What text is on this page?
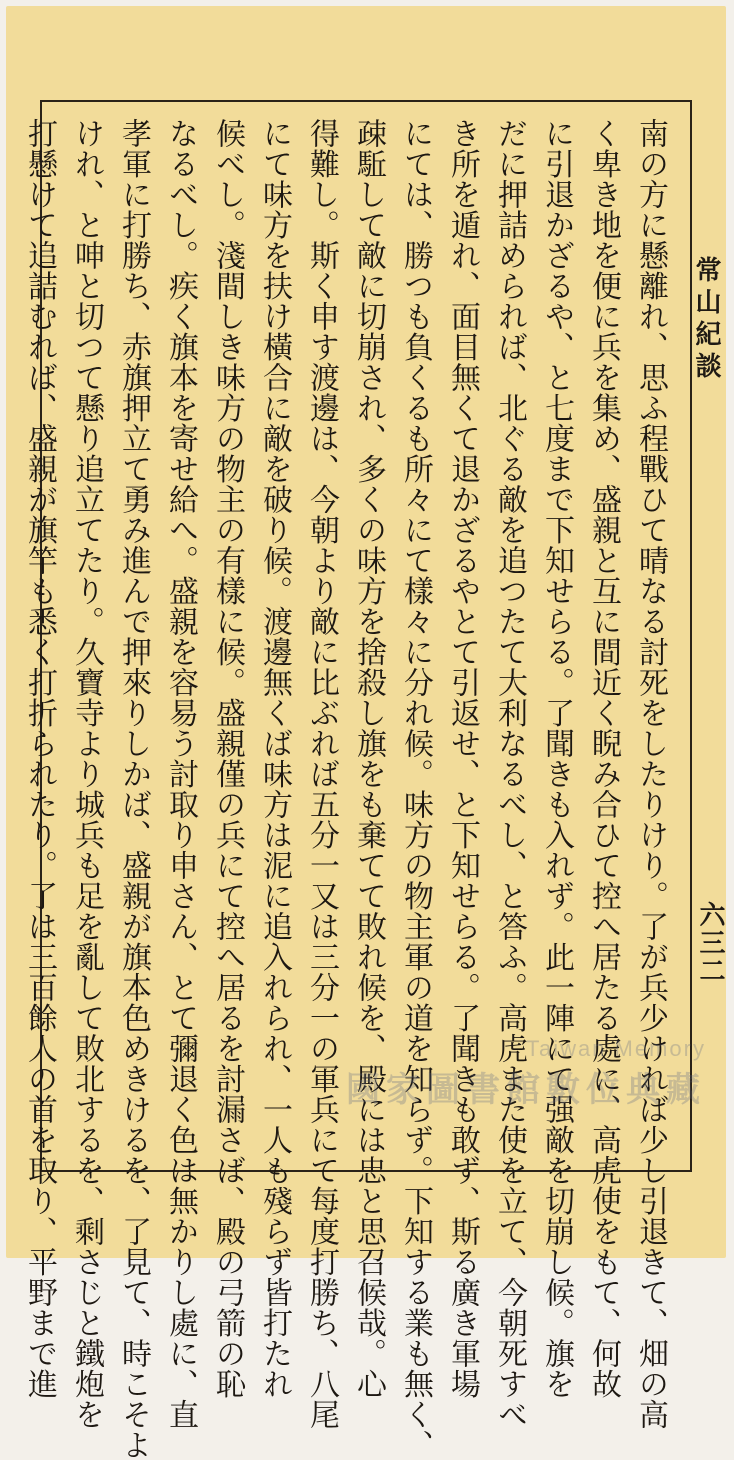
常山紀談
六三二
南の方に懸離れ、思ふ程戰ひて晴なる討死をしたりけり。了が兵少ければ少し引退きて、畑の高
く卑き地を便に兵を集め、盛親と互に間近く睨み合ひて控へ居たる處に、高虎使をもて、何故
に引退かざるや、と七度まで下知せらる。了聞きも入れず。此一陣にて强敵を切崩し候。旗を
だに押詰められば、北ぐる敵を追つたて大利なるべし、と答ふ。高虎また使を立て、今朝死すべ
き所を遁れ、面目無くて退かざるやとて引返せ、と下知せらる。了聞きも敢ず、斯る廣き軍場
にては、勝つも負くるも所々にて樣々に分れ候。味方の物主軍の道を知らず。下知する業も無く、
疎駈して敵に切崩され、多くの味方を捨殺し旗をも棄てて敗れ候を、殿には忠と思召候哉。心
得難し。斯く申す渡邊は、今朝より敵に比ぶれば五分一又は三分一の軍兵にて每度打勝ち、八尾
にて味方を扶け橫合に敵を破り候。渡邊無くば味方は泥に追入れられ、一人も殘らず皆打たれ
候べし。淺間しき味方の物主の有樣に候。盛親僅の兵にて控へ居るを討漏さば、殿の弓箭の恥
なるべし。疾く旗本を寄せ給へ。盛親を容易う討取り申さん、とて彌退く色は無かりし處に、直
孝軍に打勝ち、赤旗押立て勇み進んで押來りしかば、盛親が旗本色めきけるを、了見て、時こそよ
けれ、と呻と切つて懸り追立てたり。久寶寺より城兵も足を亂して敗北するを、剩さじと鐵炮を
打懸けて追詰むれば、盛親が旗竿も悉く打折られたり。了は三百餘人の首を取り、平野まで進	Taiwan Memory
國家圖書館數位典藏
